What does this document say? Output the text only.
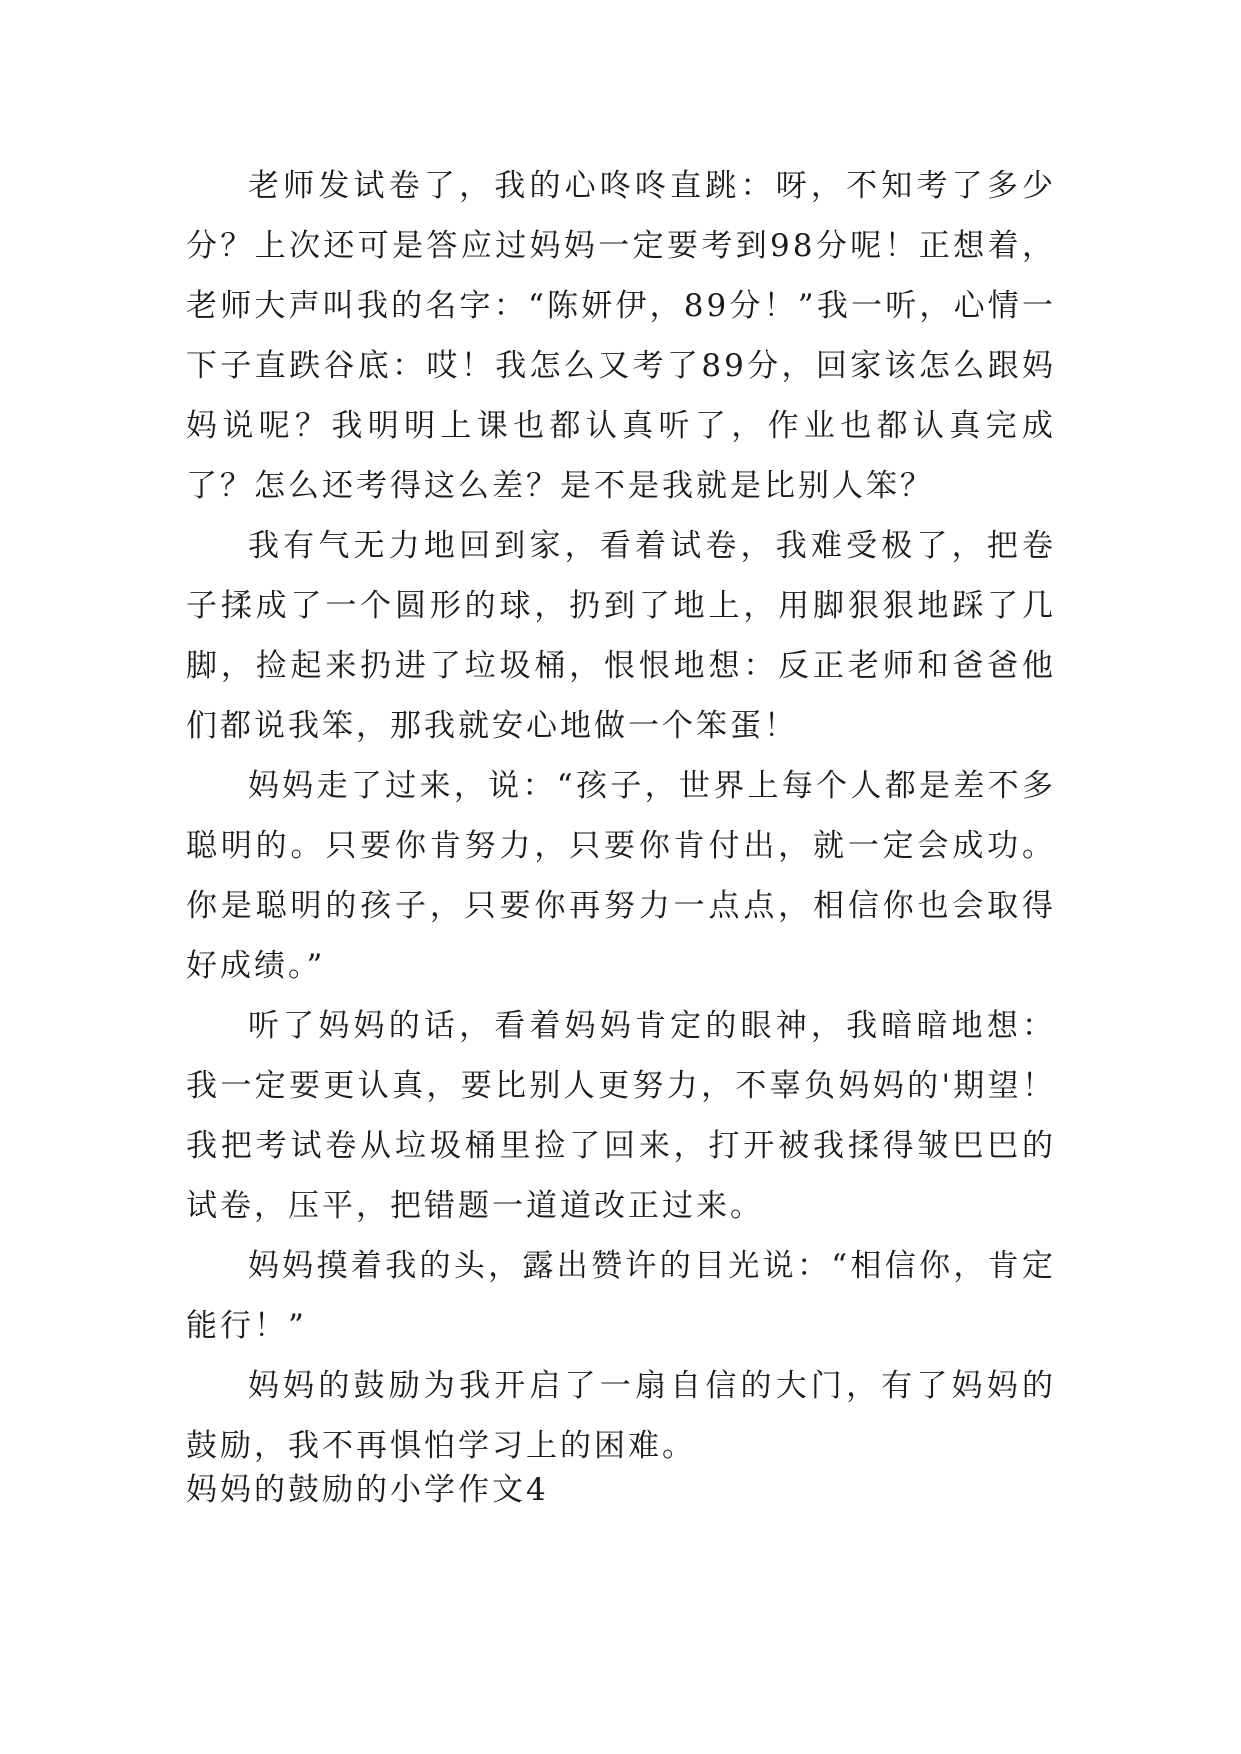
老师发试卷了，我的心咚咚直跳：呀，不知考了多少分？上次还可是答应过妈妈一定要考到98分呢！正想着，老师大声叫我的名字：“陈妍伊，89分！”我一听，心情一下子直跌谷底：哎！我怎么又考了89分，回家该怎么跟妈妈说呢？我明明上课也都认真听了，作业也都认真完成了？怎么还考得这么差？是不是我就是比别人笨？

我有气无力地回到家，看着试卷，我难受极了，把卷子揉成了一个圆形的球，扔到了地上，用脚狠狠地踩了几脚，捡起来扔进了垃圾桶，恨恨地想：反正老师和爸爸他们都说我笨，那我就安心地做一个笨蛋！

妈妈走了过来，说：“孩子，世界上每个人都是差不多聪明的。只要你肯努力，只要你肯付出，就一定会成功。你是聪明的孩子，只要你再努力一点点，相信你也会取得好成绩。”

听了妈妈的话，看着妈妈肯定的眼神，我暗暗地想：我一定要更认真，要比别人更努力，不辜负妈妈的'期望！我把考试卷从垃圾桶里捡了回来，打开被我揉得皱巴巴的试卷，压平，把错题一道道改正过来。

妈妈摸着我的头，露出赞许的目光说：“相信你，肯定能行！”

妈妈的鼓励为我开启了一扇自信的大门，有了妈妈的鼓励，我不再惧怕学习上的困难。

妈妈的鼓励的小学作文4
